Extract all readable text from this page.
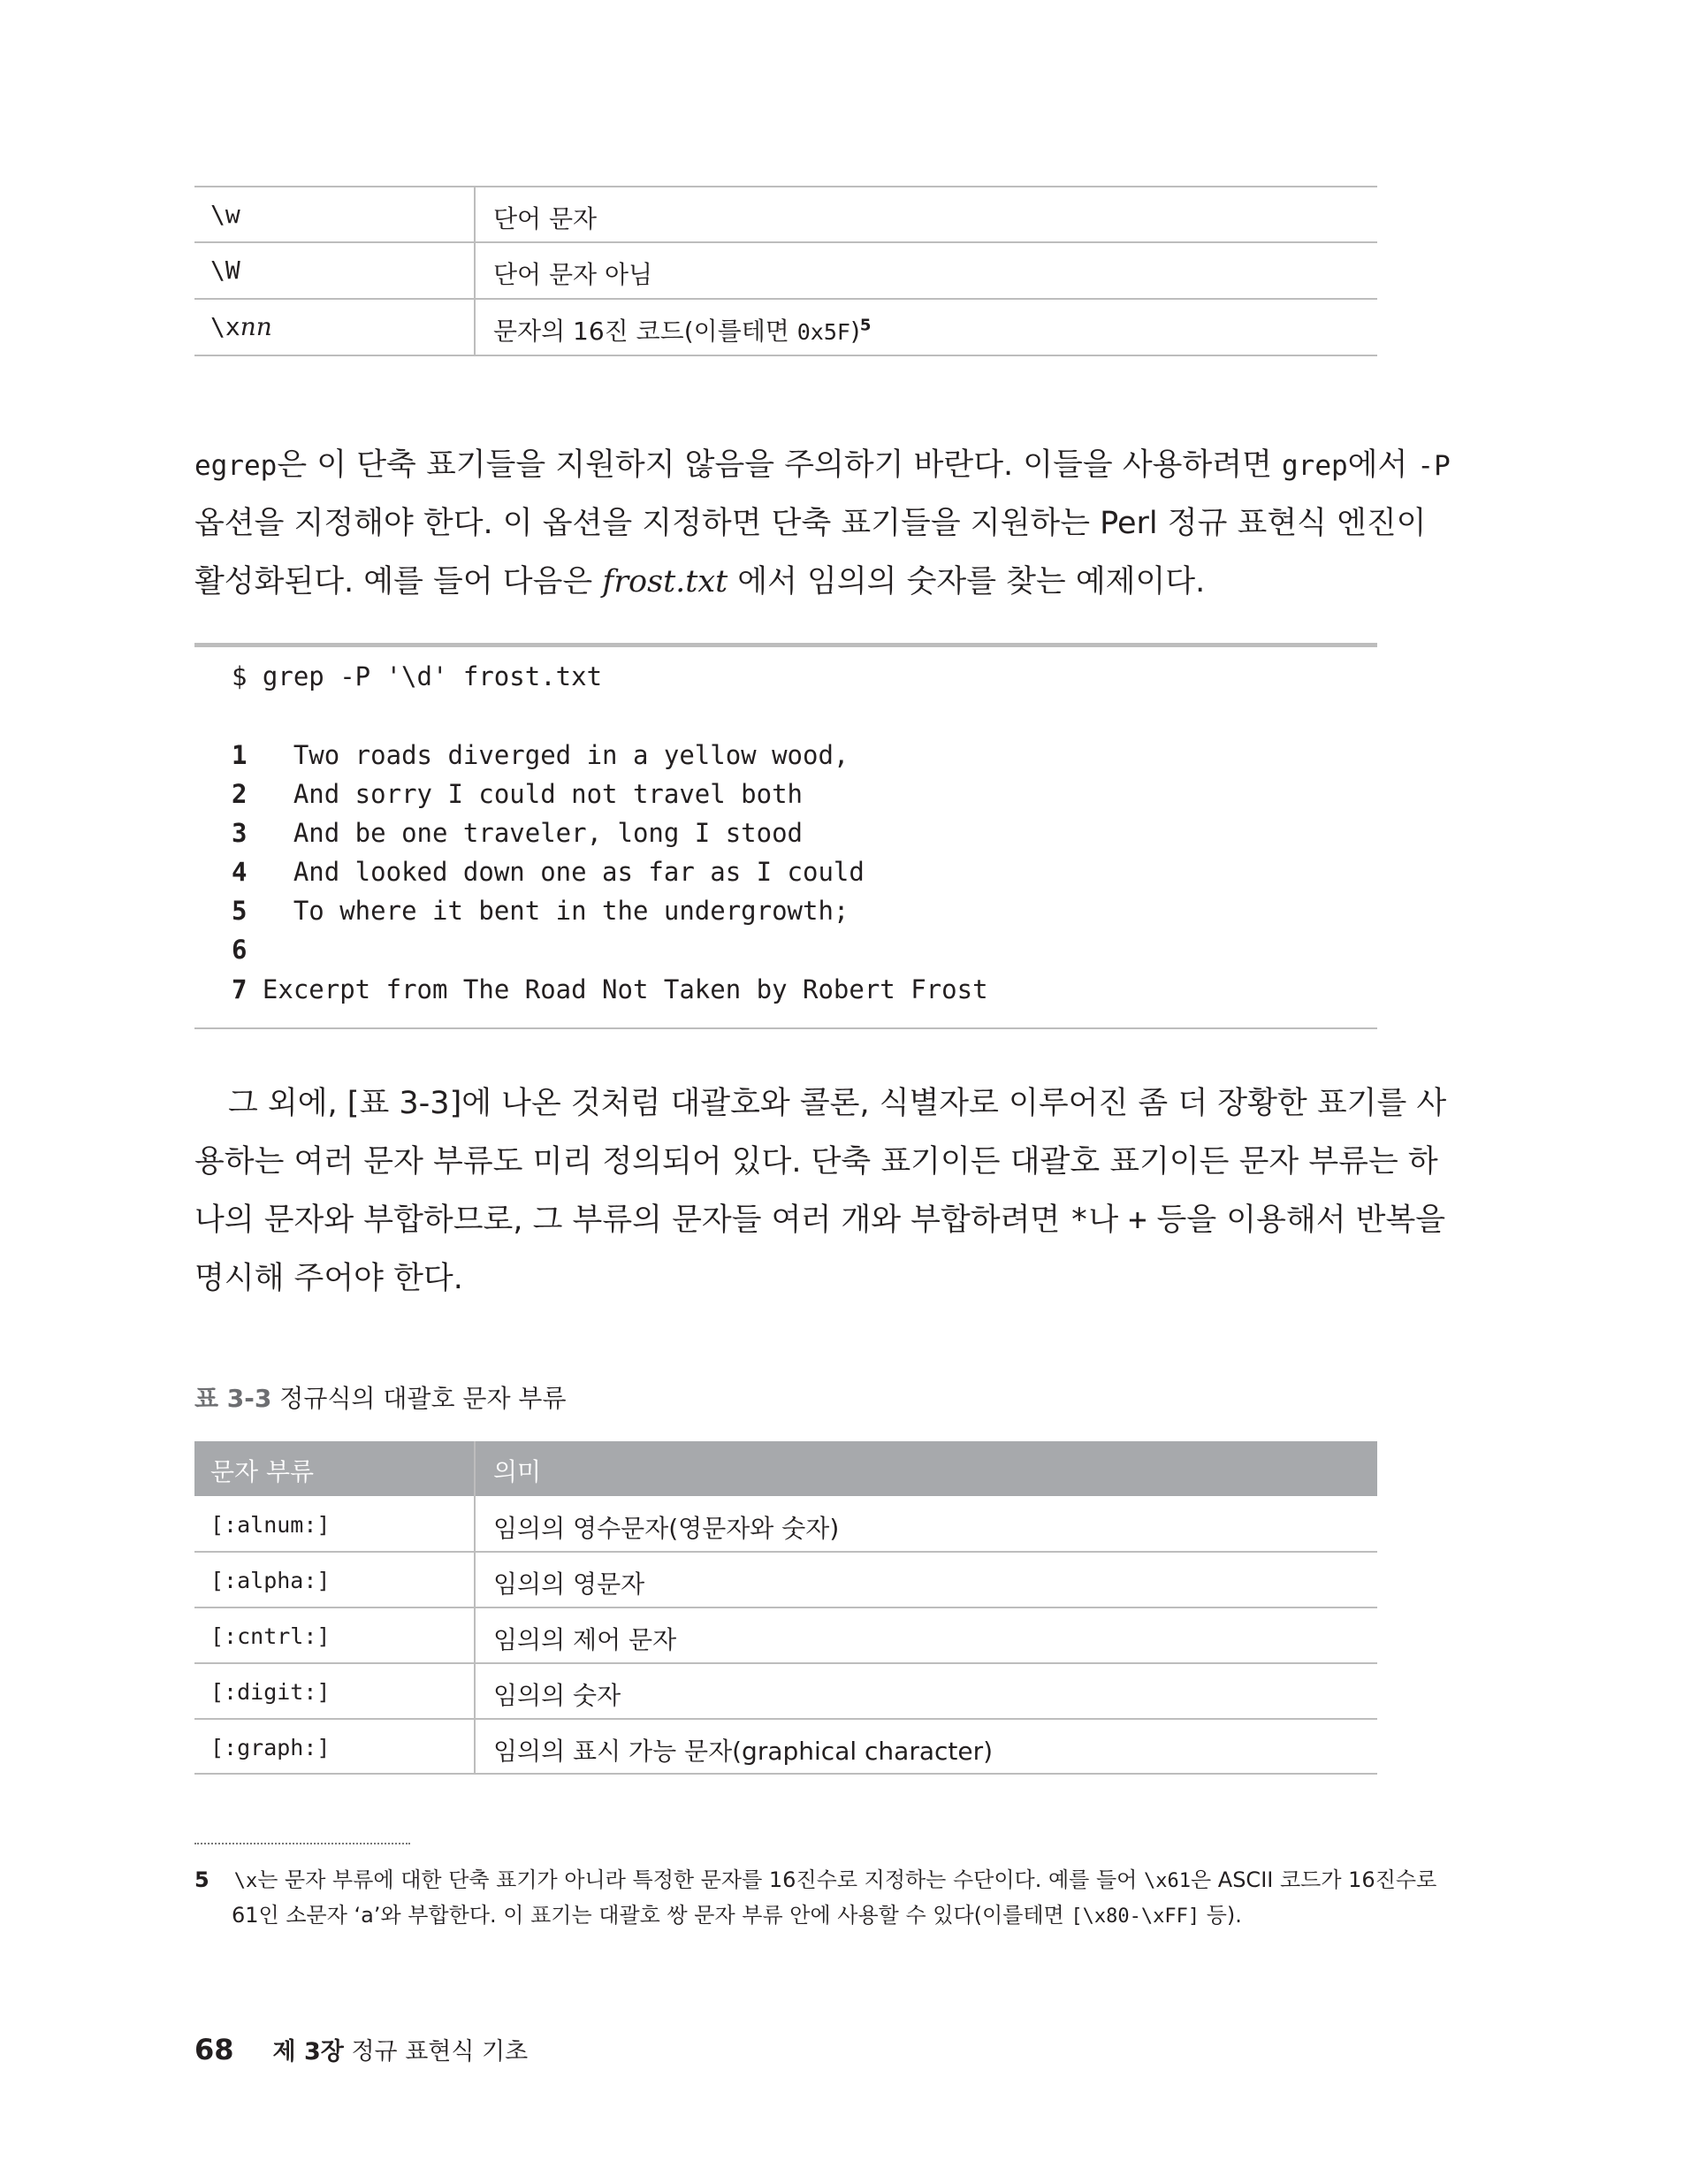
\w	단어 문자
\W	단어 문자 아님
\xnn	문자의 16진 코드(이를테면 0x5F)$^5$
egrep은 이 단축 표기들을 지원하지 않음을 주의하기 바란다. 이들을 사용하려면 grep에서 -P
옵션을 지정해야 한다. 이 옵션을 지정하면 단축 표기들을 지원하는 Perl 정규 표현식 엔진이
활성화된다. 예를 들어 다음은 frost.txt 에서 임의의 숫자를 찾는 예제이다.
$ grep -P '\d' frost.txt
1   Two roads diverged in a yellow wood,
2   And sorry I could not travel both
3   And be one traveler, long I stood
4   And looked down one as far as I could
5   To where it bent in the undergrowth;
6
7 Excerpt from The Road Not Taken by Robert Frost
그 외에, [표 3-3]에 나온 것처럼 대괄호와 콜론, 식별자로 이루어진 좀 더 장황한 표기를 사
용하는 여러 문자 부류도 미리 정의되어 있다. 단축 표기이든 대괄호 표기이든 문자 부류는 하
나의 문자와 부합하므로, 그 부류의 문자들 여러 개와 부합하려면 *나 + 등을 이용해서 반복을
명시해 주어야 한다.
표 3-3 정규식의 대괄호 문자 부류
문자 부류	의미
[:alnum:]	임의의 영수문자(영문자와 숫자)
[:alpha:]	임의의 영문자
[:cntrl:]	임의의 제어 문자
[:digit:]	임의의 숫자
[:graph:]	임의의 표시 가능 문자(graphical character)
5 \x는 문자 부류에 대한 단축 표기가 아니라 특정한 문자를 16진수로 지정하는 수단이다. 예를 들어 \x61은 ASCII 코드가 16진수로
61인 소문자 ‘a’와 부합한다. 이 표기는 대괄호 쌍 문자 부류 안에 사용할 수 있다(이를테면 [\x80-\xFF] 등).
68 제 3장 정규 표현식 기초
